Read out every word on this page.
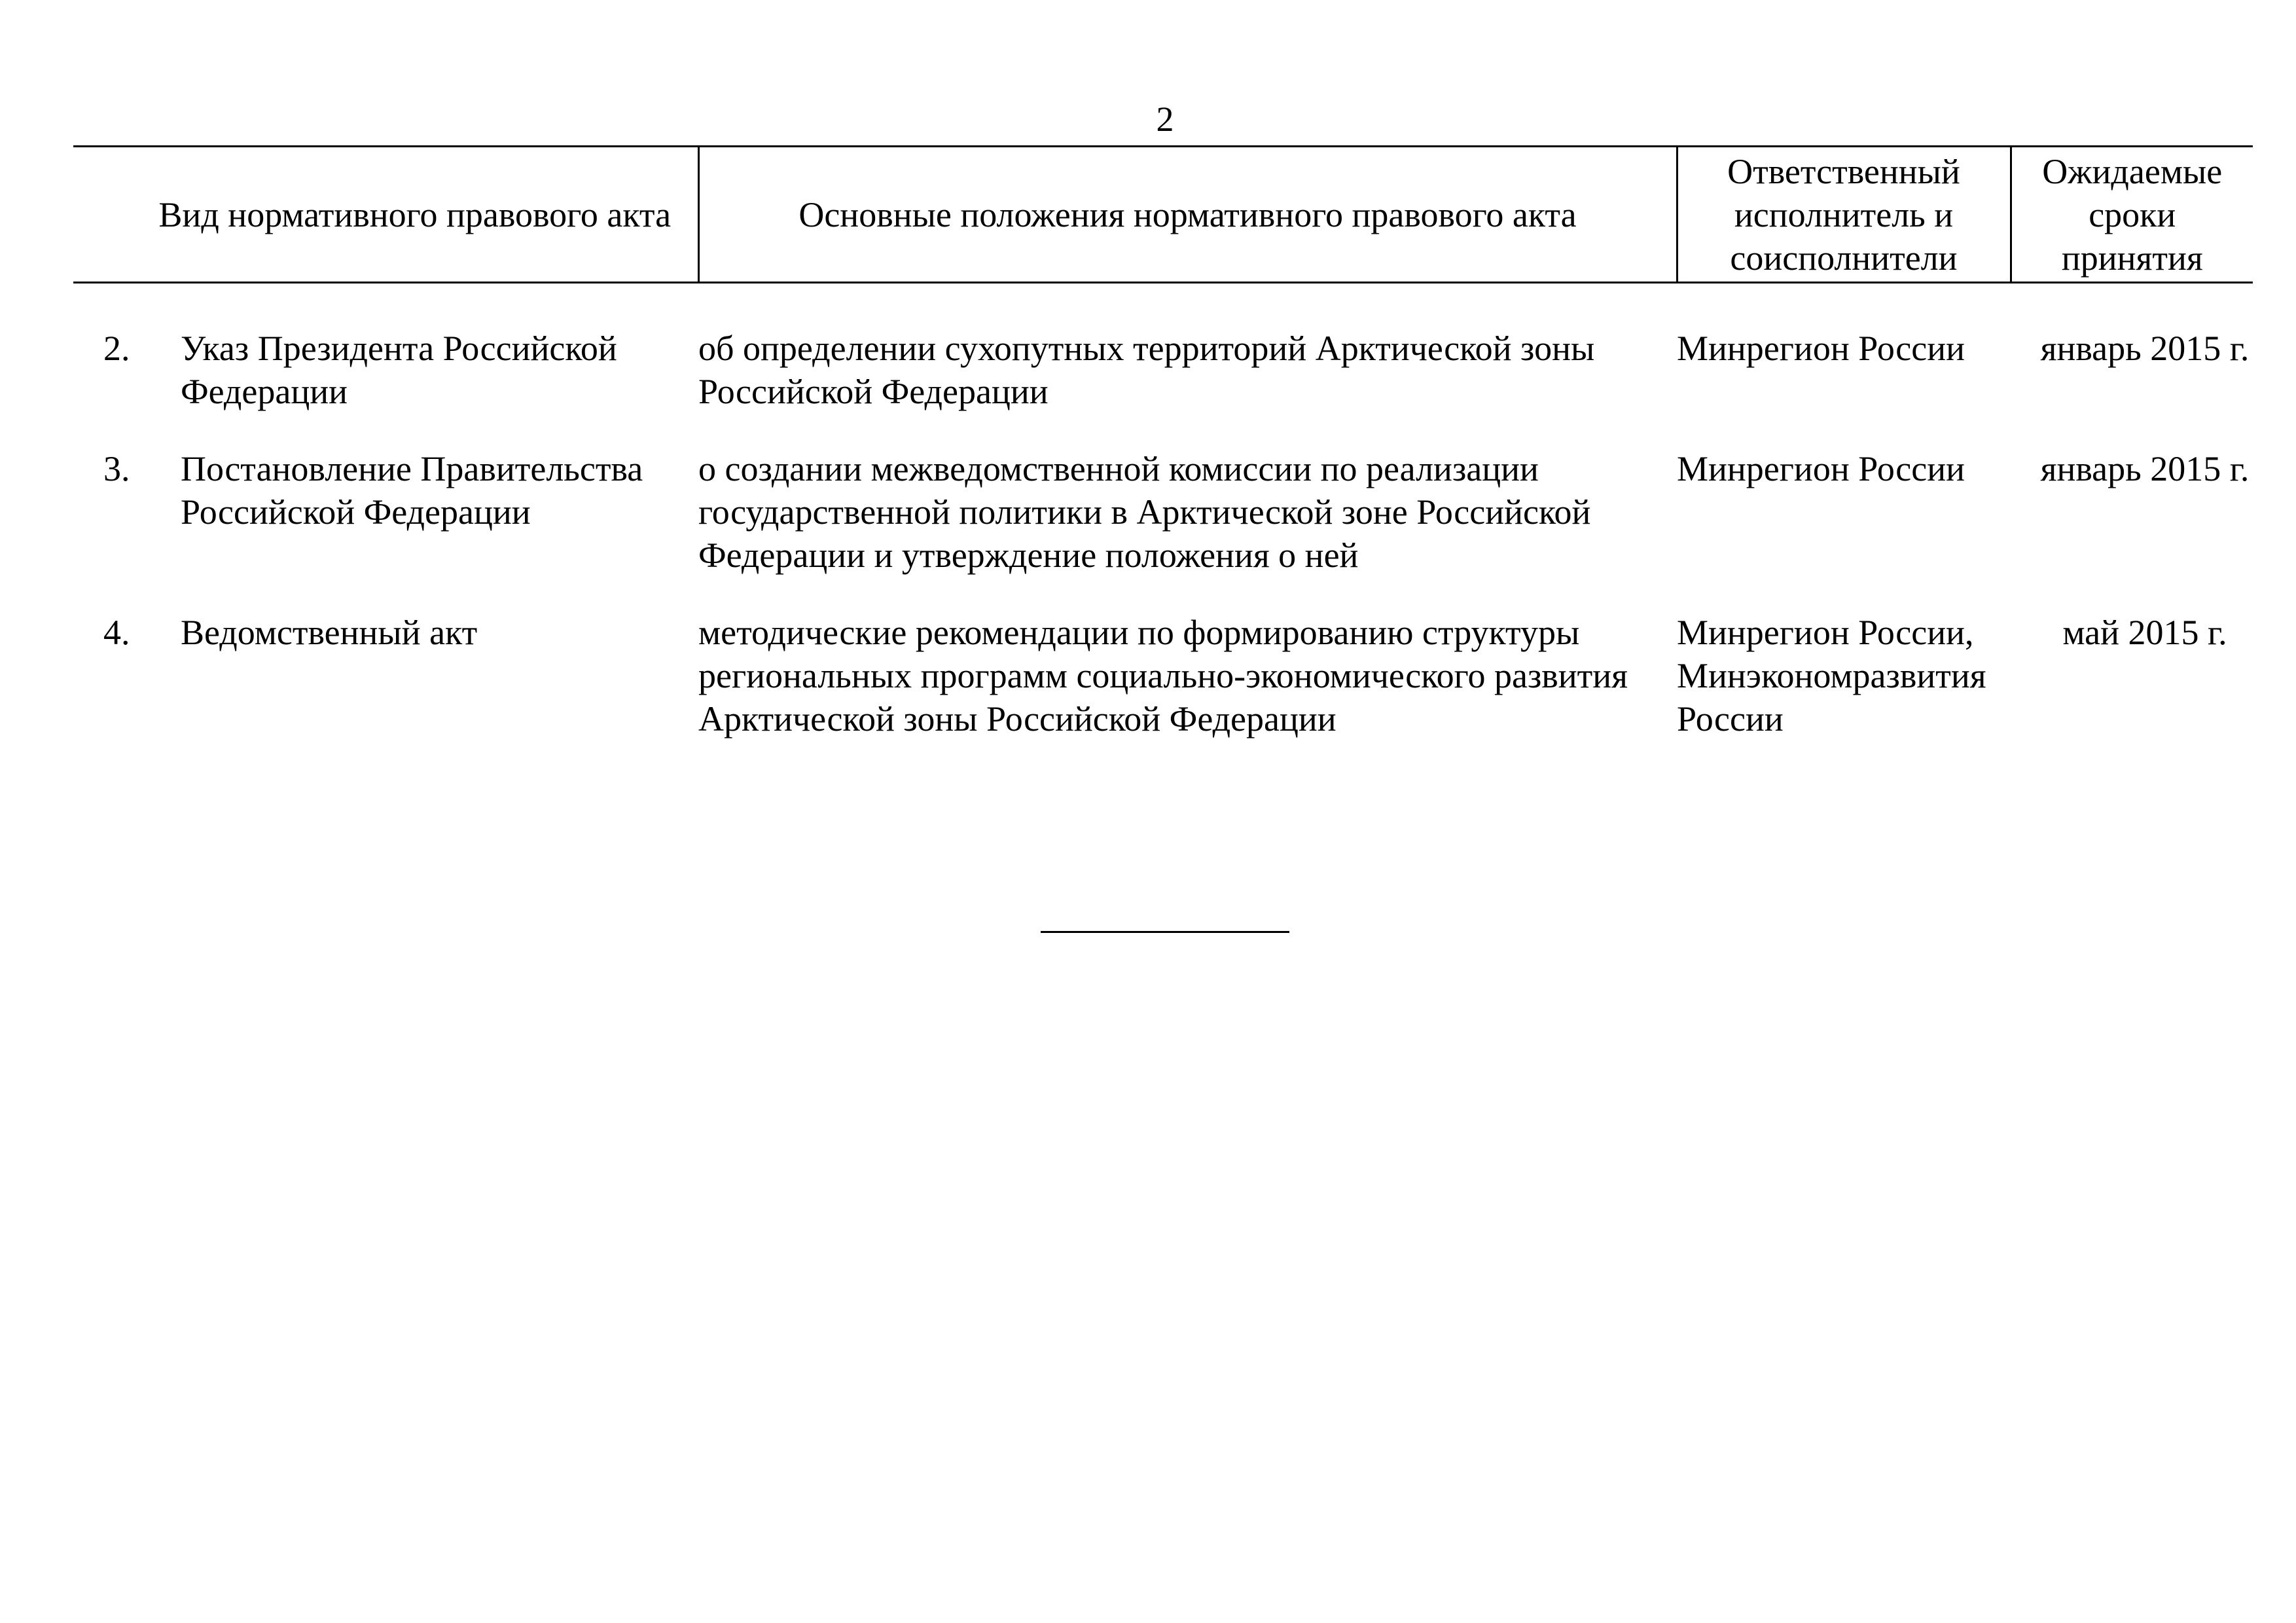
2
Вид нормативного правового акта	Основные положения нормативного правового акта	Ответственный исполнитель и соисполнители	Ожидаемые сроки принятия

2. Указ Президента Российской Федерации	об определении сухопутных территорий Арктической зоны Российской Федерации	Минрегион России	январь 2015 г.

3. Постановление Правительства Российской Федерации	о создании межведомственной комиссии по реализации государственной политики в Арктической зоне Российской Федерации и утверждение положения о ней	Минрегион России	январь 2015 г.

4. Ведомственный акт	методические рекомендации по формированию структуры региональных программ социально-экономического развития Арктической зоны Российской Федерации	Минрегион России, Минэкономразвития России	май 2015 г.
